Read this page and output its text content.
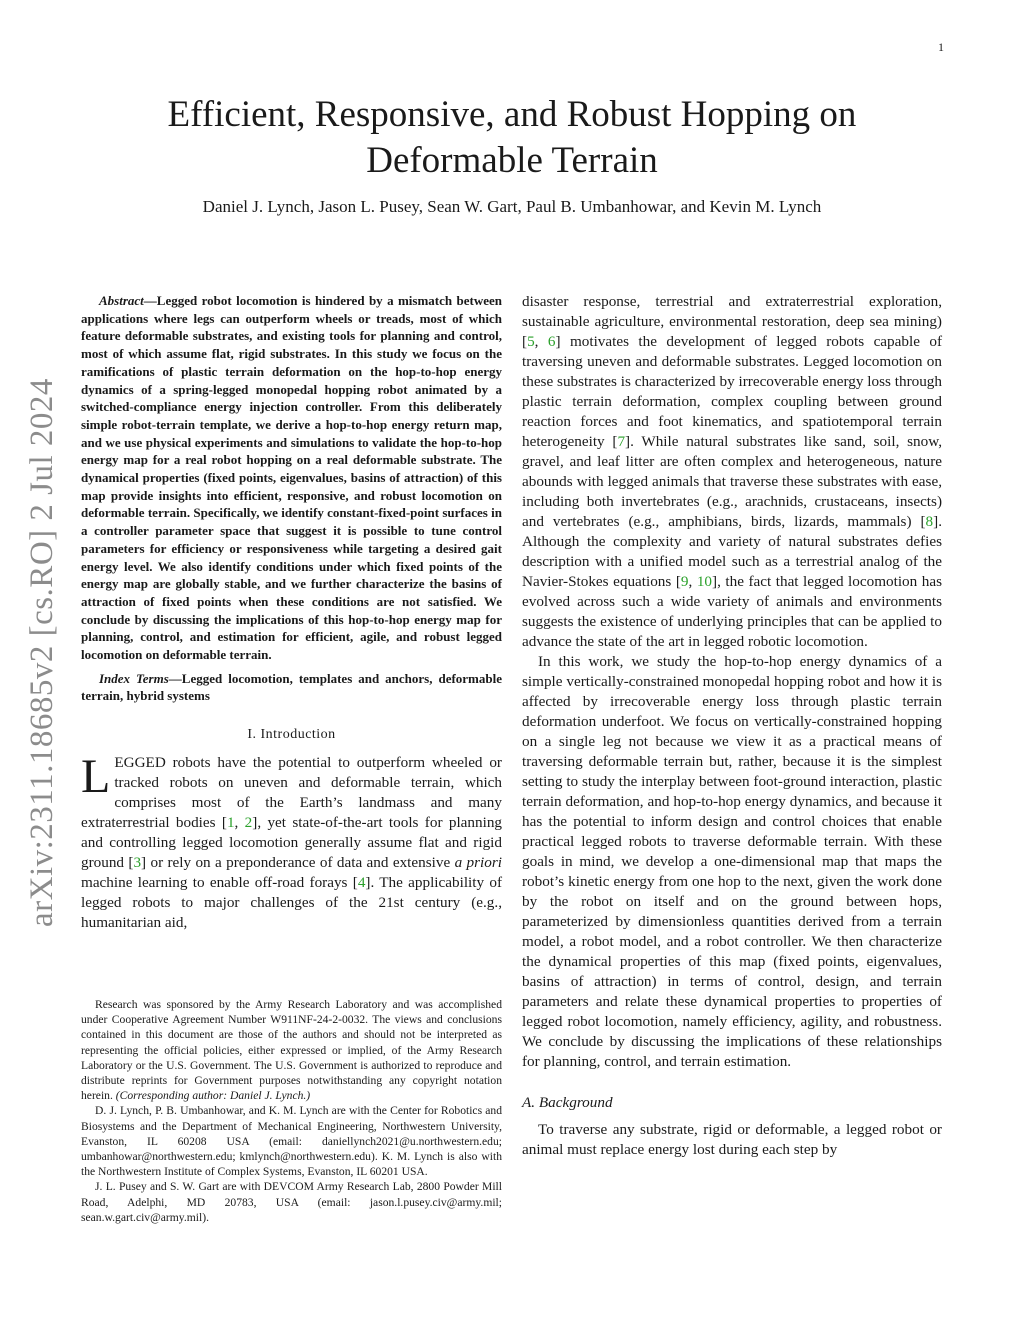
1
arXiv:2311.18685v2 [cs.RO] 2 Jul 2024
Efficient, Responsive, and Robust Hopping on Deformable Terrain
Daniel J. Lynch, Jason L. Pusey, Sean W. Gart, Paul B. Umbanhowar, and Kevin M. Lynch

Abstract—Legged robot locomotion is hindered by a mismatch between applications where legs can outperform wheels or treads, most of which feature deformable substrates, and existing tools for planning and control, most of which assume flat, rigid substrates. In this study we focus on the ramifications of plastic terrain deformation on the hop-to-hop energy dynamics of a spring-legged monopedal hopping robot animated by a switched-compliance energy injection controller. From this deliberately simple robot-terrain template, we derive a hop-to-hop energy return map, and we use physical experiments and simulations to validate the hop-to-hop energy map for a real robot hopping on a real deformable substrate. The dynamical properties (fixed points, eigenvalues, basins of attraction) of this map provide insights into efficient, responsive, and robust locomotion on deformable terrain. Specifically, we identify constant-fixed-point surfaces in a controller parameter space that suggest it is possible to tune control parameters for efficiency or responsiveness while targeting a desired gait energy level. We also identify conditions under which fixed points of the energy map are globally stable, and we further characterize the basins of attraction of fixed points when these conditions are not satisfied. We conclude by discussing the implications of this hop-to-hop energy map for planning, control, and estimation for efficient, agile, and robust legged locomotion on deformable terrain.

Index Terms—Legged locomotion, templates and anchors, deformable terrain, hybrid systems

I. Introduction

LEGGED robots have the potential to outperform wheeled or tracked robots on uneven and deformable terrain, which comprises most of the Earth’s landmass and many extraterrestrial bodies [1, 2], yet state-of-the-art tools for planning and controlling legged locomotion generally assume flat and rigid ground [3] or rely on a preponderance of data and extensive a priori machine learning to enable off-road forays [4]. The applicability of legged robots to major challenges of the 21st century (e.g., humanitarian aid,

Research was sponsored by the Army Research Laboratory and was accomplished under Cooperative Agreement Number W911NF-24-2-0032. The views and conclusions contained in this document are those of the authors and should not be interpreted as representing the official policies, either expressed or implied, of the Army Research Laboratory or the U.S. Government. The U.S. Government is authorized to reproduce and distribute reprints for Government purposes notwithstanding any copyright notation herein. (Corresponding author: Daniel J. Lynch.)

D. J. Lynch, P. B. Umbanhowar, and K. M. Lynch are with the Center for Robotics and Biosystems and the Department of Mechanical Engineering, Northwestern University, Evanston, IL 60208 USA (email: daniellynch2021@u.northwestern.edu; umbanhowar@northwestern.edu; kmlynch@northwestern.edu). K. M. Lynch is also with the Northwestern Institute of Complex Systems, Evanston, IL 60201 USA.

J. L. Pusey and S. W. Gart are with DEVCOM Army Research Lab, 2800 Powder Mill Road, Adelphi, MD 20783, USA (email: jason.l.pusey.civ@army.mil; sean.w.gart.civ@army.mil).

disaster response, terrestrial and extraterrestrial exploration, sustainable agriculture, environmental restoration, deep sea mining) [5, 6] motivates the development of legged robots capable of traversing uneven and deformable substrates. Legged locomotion on these substrates is characterized by irrecoverable energy loss through plastic terrain deformation, complex coupling between ground reaction forces and foot kinematics, and spatiotemporal terrain heterogeneity [7]. While natural substrates like sand, soil, snow, gravel, and leaf litter are often complex and heterogeneous, nature abounds with legged animals that traverse these substrates with ease, including both invertebrates (e.g., arachnids, crustaceans, insects) and vertebrates (e.g., amphibians, birds, lizards, mammals) [8]. Although the complexity and variety of natural substrates defies description with a unified model such as a terrestrial analog of the Navier-Stokes equations [9, 10], the fact that legged locomotion has evolved across such a wide variety of animals and environments suggests the existence of underlying principles that can be applied to advance the state of the art in legged robotic locomotion.

In this work, we study the hop-to-hop energy dynamics of a simple vertically-constrained monopedal hopping robot and how it is affected by irrecoverable energy loss through plastic terrain deformation underfoot. We focus on vertically-constrained hopping on a single leg not because we view it as a practical means of traversing deformable terrain but, rather, because it is the simplest setting to study the interplay between foot-ground interaction, plastic terrain deformation, and hop-to-hop energy dynamics, and because it has the potential to inform design and control choices that enable practical legged robots to traverse deformable terrain. With these goals in mind, we develop a one-dimensional map that maps the robot’s kinetic energy from one hop to the next, given the work done by the robot on itself and on the ground between hops, parameterized by dimensionless quantities derived from a terrain model, a robot model, and a robot controller. We then characterize the dynamical properties of this map (fixed points, eigenvalues, basins of attraction) in terms of control, design, and terrain parameters and relate these dynamical properties to properties of legged robot locomotion, namely efficiency, agility, and robustness. We conclude by discussing the implications of these relationships for planning, control, and terrain estimation.

A. Background

To traverse any substrate, rigid or deformable, a legged robot or animal must replace energy lost during each step by
